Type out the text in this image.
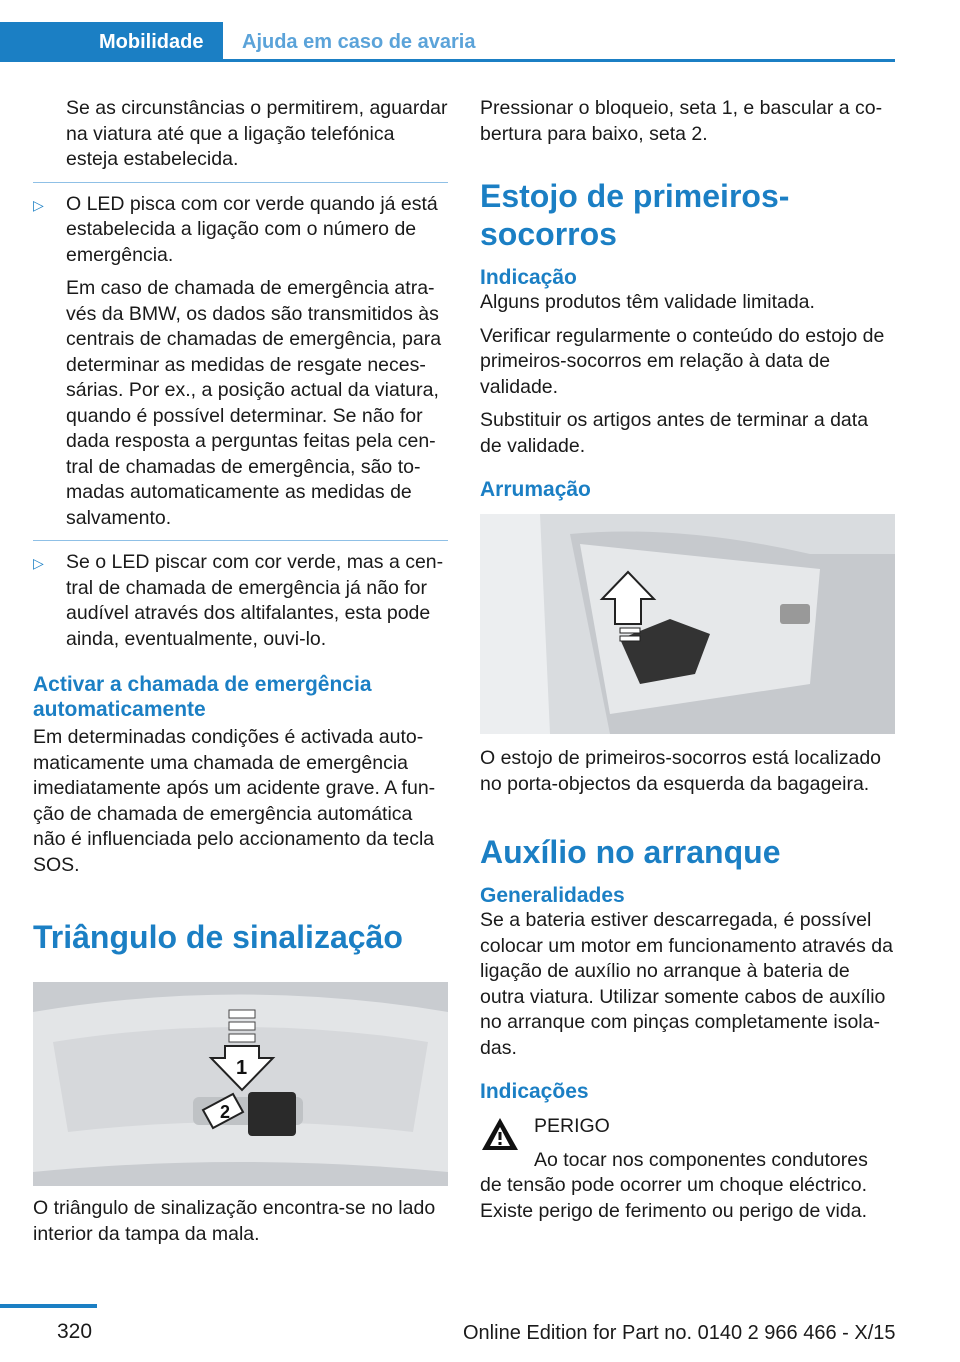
Mobilidade Ajuda em caso de avaria

Se as circunstâncias o permitirem, aguardar na viatura até que a ligação telefónica esteja estabelecida.

▷ O LED pisca com cor verde quando já está estabelecida a ligação com o número de emergência.

Em caso de chamada de emergência através da BMW, os dados são transmitidos às centrais de chamadas de emergência, para determinar as medidas de resgate necessárias. Por ex., a posição actual da viatura, quando é possível determinar. Se não for dada resposta a perguntas feitas pela central de chamadas de emergência, são tomadas automaticamente as medidas de salvamento.

▷ Se o LED piscar com cor verde, mas a central de chamada de emergência já não for audível através dos altifalantes, esta pode ainda, eventualmente, ouvi-lo.

Activar a chamada de emergência automaticamente

Em determinadas condições é activada automaticamente uma chamada de emergência imediatamente após um acidente grave. A função de chamada de emergência automática não é influenciada pelo accionamento da tecla SOS.

Triângulo de sinalização
1
2

O triângulo de sinalização encontra-se no lado interior da tampa da mala.

Pressionar o bloqueio, seta 1, e bascular a cobertura para baixo, seta 2.

Estojo de primeiros-socorros
Indicação

Alguns produtos têm validade limitada.

Verificar regularmente o conteúdo do estojo de primeiros-socorros em relação à data de validade.

Substituir os artigos antes de terminar a data de validade.

Arrumação

O estojo de primeiros-socorros está localizado no porta-objectos da esquerda da bagageira.

Auxílio no arranque
Generalidades

Se a bateria estiver descarregada, é possível colocar um motor em funcionamento através da ligação de auxílio no arranque à bateria de outra viatura. Utilizar somente cabos de auxílio no arranque com pinças completamente isoladas.

Indicações
PERIGO
Ao tocar nos componentes condutores
de tensão pode ocorrer um choque eléctrico. Existe perigo de ferimento ou perigo de vida.
320	Online Edition for Part no. 0140 2 966 466 - X/15
